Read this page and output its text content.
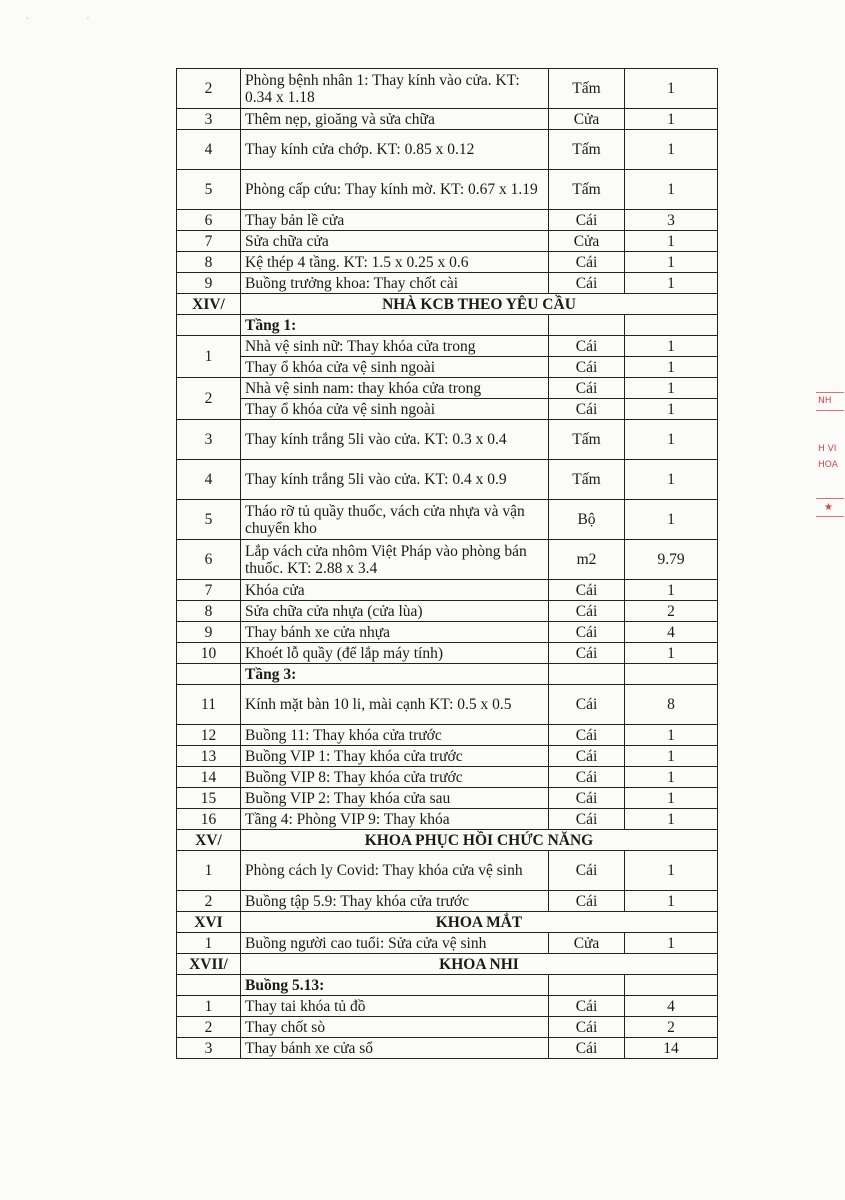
· ·
2	Phòng bệnh nhân 1: Thay kính vào cửa. KT: 0.34 x 1.18	Tấm	1
3	Thêm nẹp, gioăng và sửa chữa	Cửa	1
4	Thay kính cửa chớp. KT: 0.85 x 0.12	Tấm	1
5	Phòng cấp cứu: Thay kính mờ. KT: 0.67 x 1.19	Tấm	1
6	Thay bản lề cửa	Cái	3
7	Sửa chữa cửa	Cửa	1
8	Kệ thép 4 tầng. KT: 1.5 x 0.25 x 0.6	Cái	1
9	Buồng trưởng khoa: Thay chốt cài	Cái	1
XIV/	NHÀ KCB THEO YÊU CẦU		
	Tầng 1:		
1	Nhà vệ sinh nữ: Thay khóa cửa trong	Cái	1
	Thay ổ khóa cửa vệ sinh ngoài	Cái	1
2	Nhà vệ sinh nam: thay khóa cửa trong	Cái	1
	Thay ổ khóa cửa vệ sinh ngoài	Cái	1
3	Thay kính trắng 5li vào cửa. KT: 0.3 x 0.4	Tấm	1
4	Thay kính trắng 5li vào cửa. KT: 0.4 x 0.9	Tấm	1
5	Tháo rỡ tủ quầy thuốc, vách cửa nhựa và vận chuyển kho	Bộ	1
6	Lắp vách cửa nhôm Việt Pháp vào phòng bán thuốc. KT: 2.88 x 3.4	m2	9.79
7	Khóa cửa	Cái	1
8	Sửa chữa cửa nhựa (cửa lùa)	Cái	2
9	Thay bánh xe cửa nhựa	Cái	4
10	Khoét lỗ quầy (để lắp máy tính)	Cái	1
	Tầng 3:		
11	Kính mặt bàn 10 li, mài cạnh KT: 0.5 x 0.5	Cái	8
12	Buồng 11: Thay khóa cửa trước	Cái	1
13	Buồng VIP 1: Thay khóa cửa trước	Cái	1
14	Buồng VIP 8: Thay khóa cửa trước	Cái	1
15	Buồng VIP 2: Thay khóa cửa sau	Cái	1
16	Tầng 4: Phòng VIP 9: Thay khóa	Cái	1
XV/	KHOA PHỤC HỒI CHỨC NĂNG		
1	Phòng cách ly Covid: Thay khóa cửa vệ sinh	Cái	1
2	Buồng tập 5.9: Thay khóa cửa trước	Cái	1
XVI	KHOA MẮT		
1	Buồng người cao tuổi: Sửa cửa vệ sinh	Cửa	1
XVII/	KHOA NHI		
	Buồng 5.13:		
1	Thay tai khóa tủ đồ	Cái	4
2	Thay chốt sò	Cái	2
3	Thay bánh xe cửa sổ	Cái	14
NH
H VI
HOA
★
